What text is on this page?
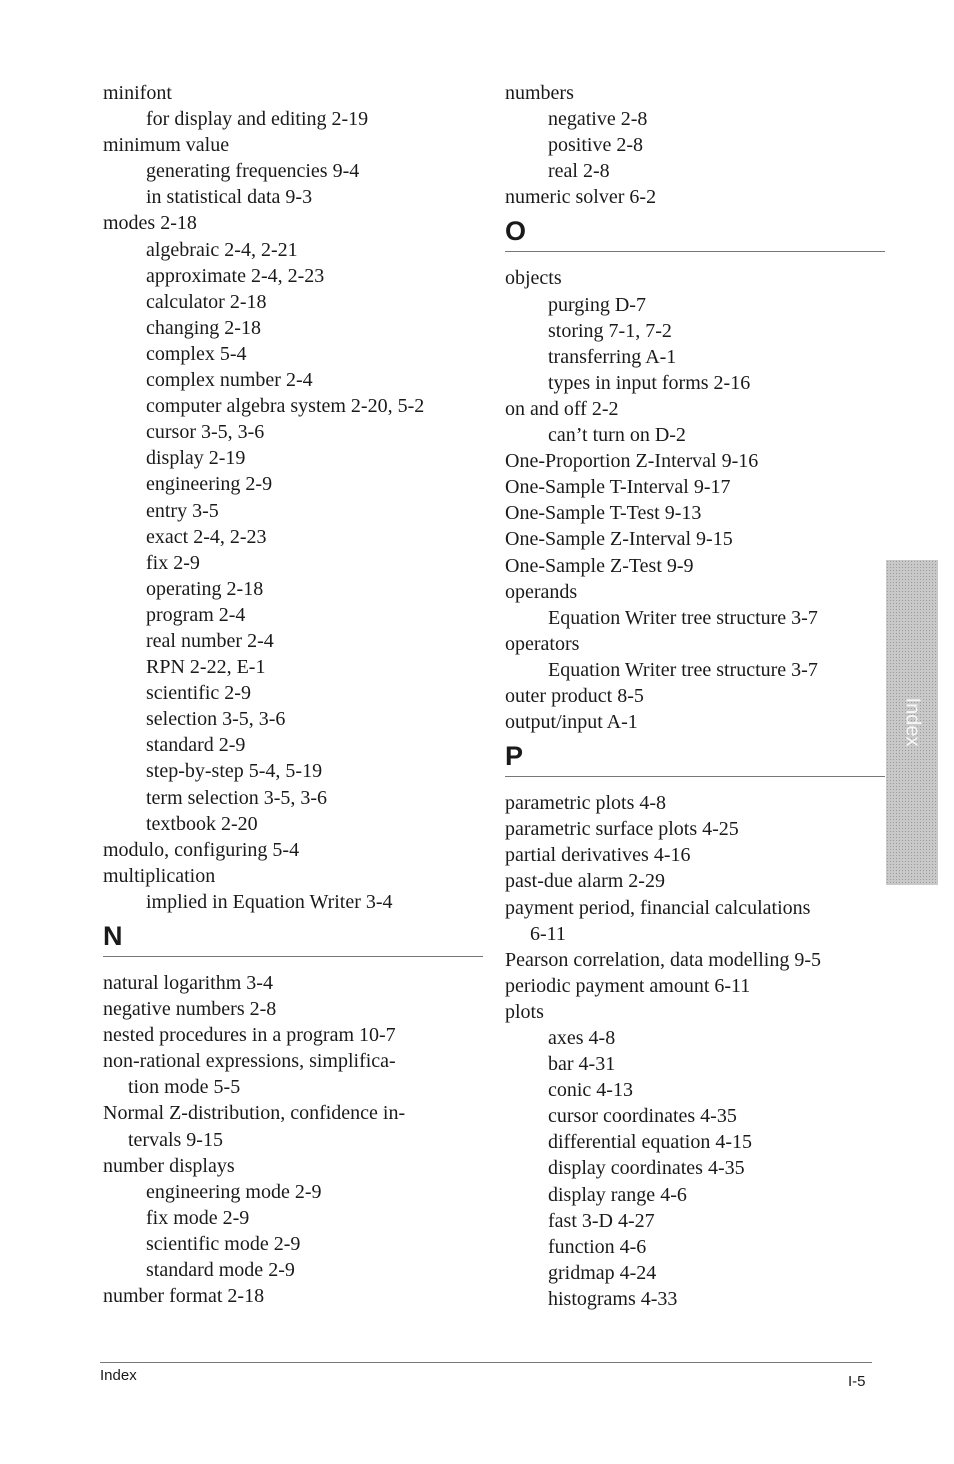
minifont
for display and editing 2-19
minimum value
generating frequencies 9-4
in statistical data 9-3
modes 2-18
algebraic 2-4, 2-21
approximate 2-4, 2-23
calculator 2-18
changing 2-18
complex 5-4
complex number 2-4
computer algebra system 2-20, 5-2
cursor 3-5, 3-6
display 2-19
engineering 2-9
entry 3-5
exact 2-4, 2-23
fix 2-9
operating 2-18
program 2-4
real number 2-4
RPN 2-22, E-1
scientific 2-9
selection 3-5, 3-6
standard 2-9
step-by-step 5-4, 5-19
term selection 3-5, 3-6
textbook 2-20
modulo, configuring 5-4
multiplication
implied in Equation Writer 3-4
N
natural logarithm 3-4
negative numbers 2-8
nested procedures in a program 10-7
non-rational expressions, simplifica-
tion mode 5-5
Normal Z-distribution, confidence in-
tervals 9-15
number displays
engineering mode 2-9
fix mode 2-9
scientific mode 2-9
standard mode 2-9
number format 2-18
numbers
negative 2-8
positive 2-8
real 2-8
numeric solver 6-2
O
objects
purging D-7
storing 7-1, 7-2
transferring A-1
types in input forms 2-16
on and off 2-2
can’t turn on D-2
One-Proportion Z-Interval 9-16
One-Sample T-Interval 9-17
One-Sample T-Test 9-13
One-Sample Z-Interval 9-15
One-Sample Z-Test 9-9
operands
Equation Writer tree structure 3-7
operators
Equation Writer tree structure 3-7
outer product 8-5
output/input A-1
P
parametric plots 4-8
parametric surface plots 4-25
partial derivatives 4-16
past-due alarm 2-29
payment period, financial calculations
6-11
Pearson correlation, data modelling 9-5
periodic payment amount 6-11
plots
axes 4-8
bar 4-31
conic 4-13
cursor coordinates 4-35
differential equation 4-15
display coordinates 4-35
display range 4-6
fast 3-D 4-27
function 4-6
gridmap 4-24
histograms 4-33
Index
Index	I-5
